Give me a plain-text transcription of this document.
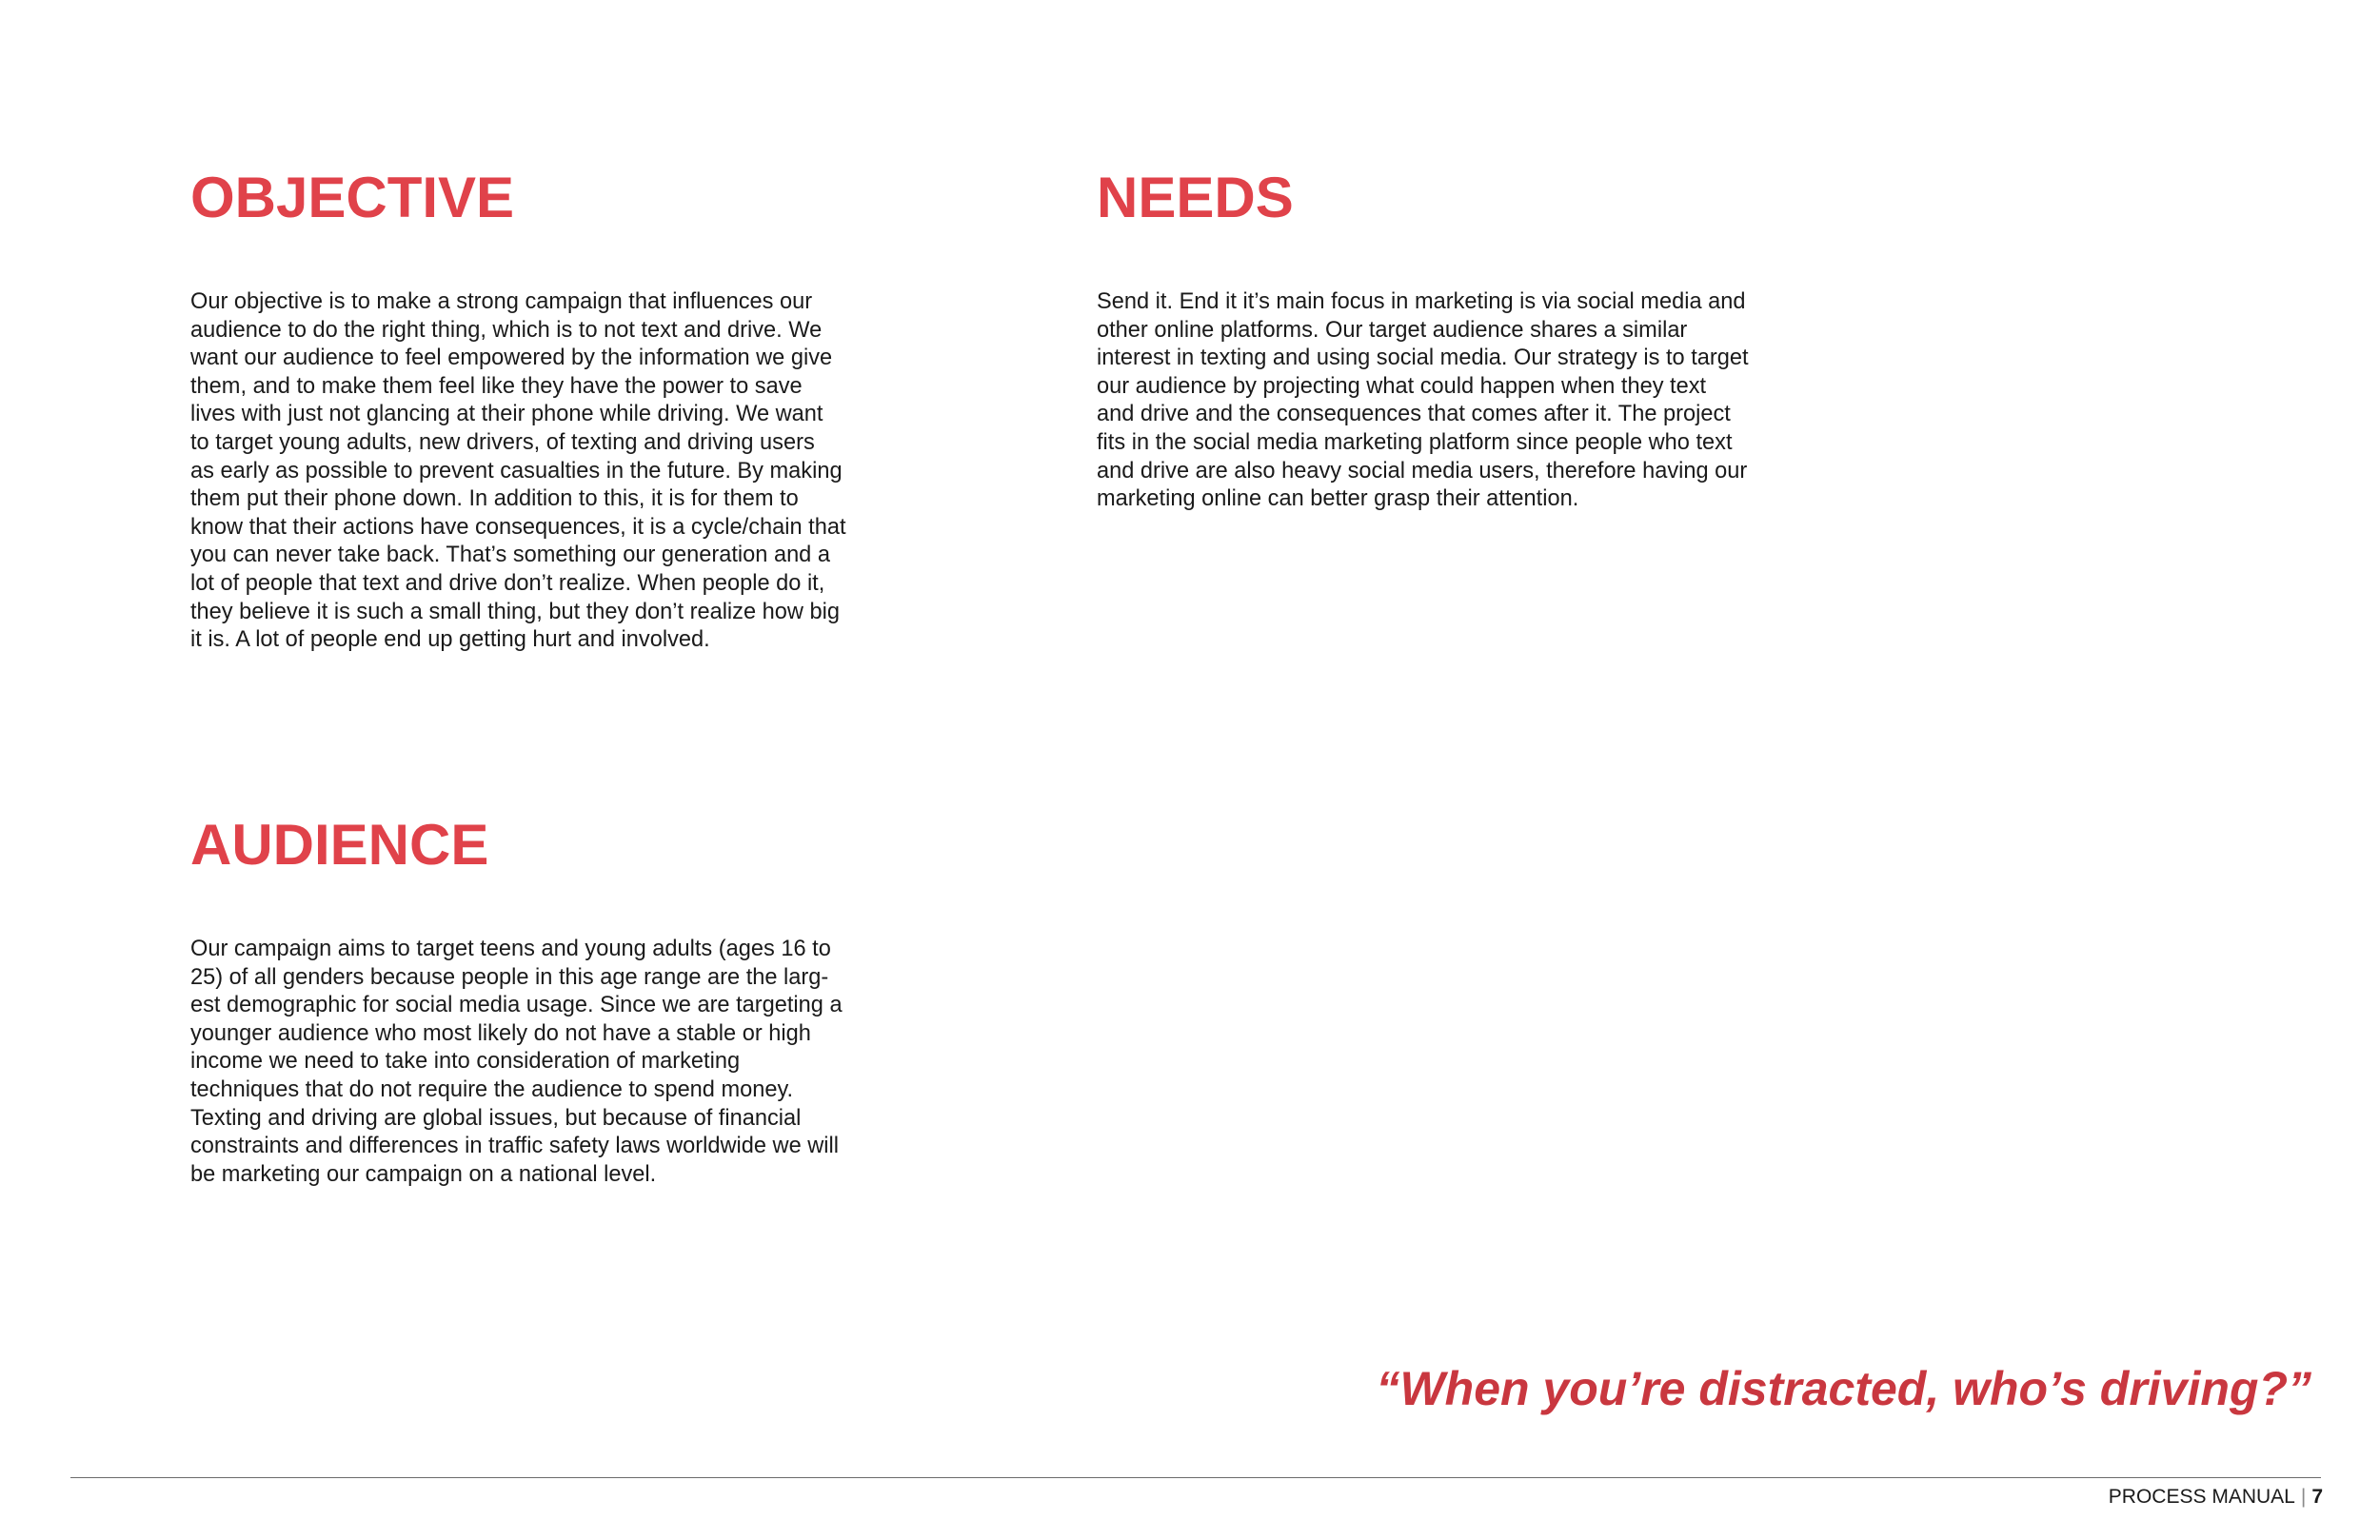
OBJECTIVE

Our objective is to make a strong campaign that influences our
audience to do the right thing, which is to not text and drive. We
want our audience to feel empowered by the information we give
them, and to make them feel like they have the power to save
lives with just not glancing at their phone while driving. We want
to target young adults, new drivers, of texting and driving users
as early as possible to prevent casualties in the future. By making
them put their phone down. In addition to this, it is for them to
know that their actions have consequences, it is a cycle/chain that
you can never take back. That’s something our generation and a
lot of people that text and drive don’t realize. When people do it,
they believe it is such a small thing, but they don’t realize how big
it is. A lot of people end up getting hurt and involved.

NEEDS

Send it. End it it’s main focus in marketing is via social media and
other online platforms. Our target audience shares a similar
interest in texting and using social media. Our strategy is to target
our audience by projecting what could happen when they text
and drive and the consequences that comes after it. The project
fits in the social media marketing platform since people who text
and drive are also heavy social media users, therefore having our
marketing online can better grasp their attention.

AUDIENCE

Our campaign aims to target teens and young adults (ages 16 to
25) of all genders because people in this age range are the larg-
est demographic for social media usage. Since we are targeting a
younger audience who most likely do not have a stable or high
income we need to take into consideration of marketing
techniques that do not require the audience to spend money.
Texting and driving are global issues, but because of financial
constraints and differences in traffic safety laws worldwide we will
be marketing our campaign on a national level.

“When you’re distracted, who’s driving?”

PROCESS MANUAL | 7
